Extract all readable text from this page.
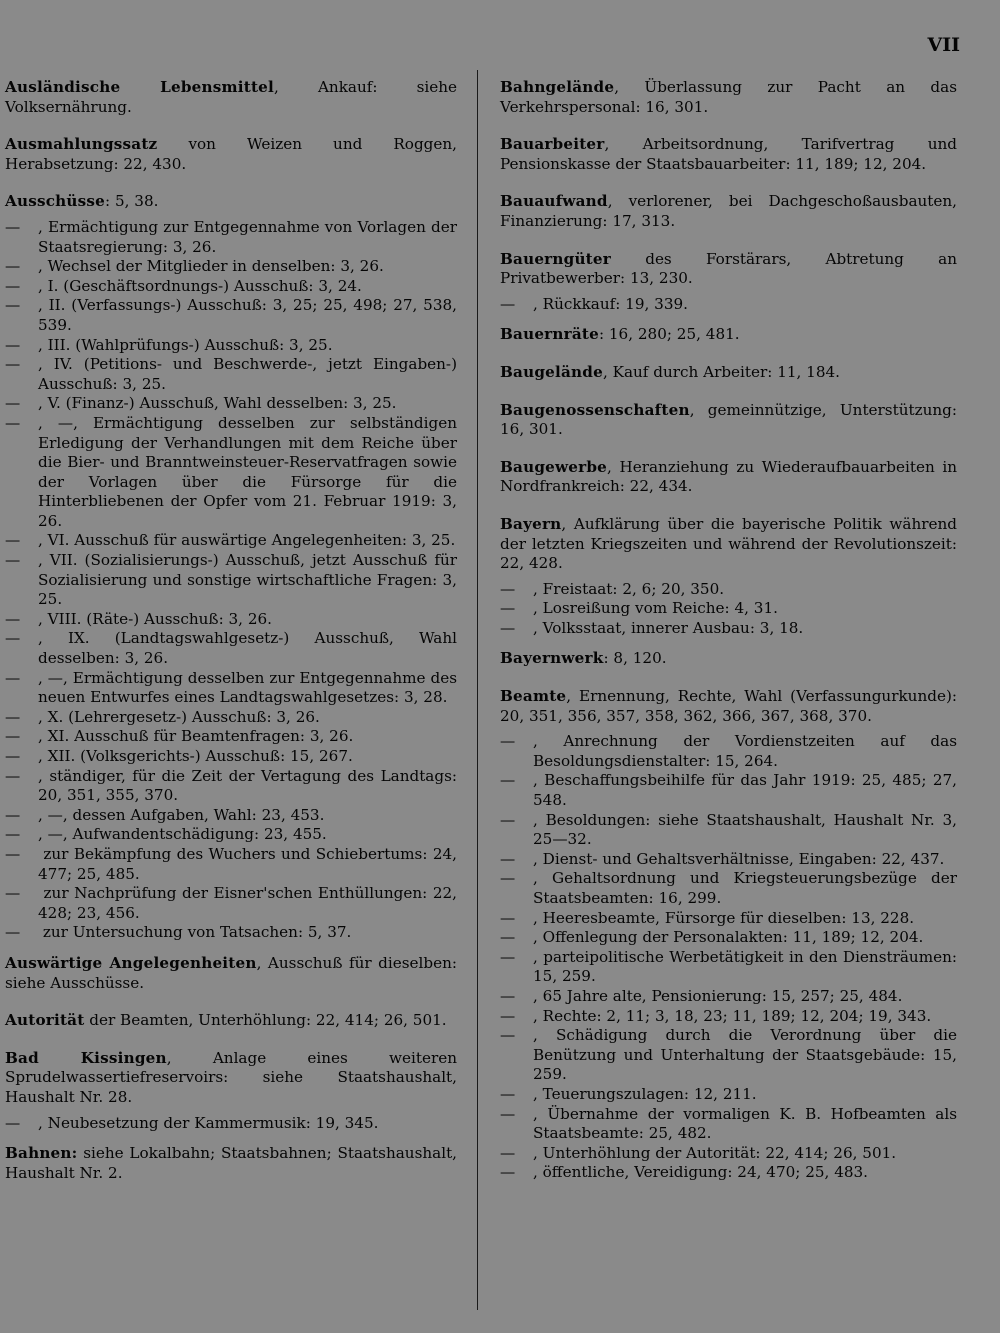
VII
Ausländische Lebensmittel, Ankauf: siehe Volksernährung.
Ausmahlungssatz von Weizen und Roggen, Herabsetzung: 22, 430.
Ausschüsse: 5, 38.
— , Ermächtigung zur Entgegennahme von Vorlagen der Staatsregierung: 3, 26.
— , Wechsel der Mitglieder in denselben: 3, 26.
— , I. (Geschäftsordnungs-) Ausschuß: 3, 24.
— , II. (Verfassungs-) Ausschuß: 3, 25; 25, 498; 27, 538, 539.
— , III. (Wahlprüfungs-) Ausschuß: 3, 25.
— , IV. (Petitions- und Beschwerde-, jetzt Eingaben-) Ausschuß: 3, 25.
— , V. (Finanz-) Ausschuß, Wahl desselben: 3, 25.
— , —, Ermächtigung desselben zur selbständigen Erledigung der Verhandlungen mit dem Reiche über die Bier- und Branntweinsteuer-Reservatfragen sowie der Vorlagen über die Fürsorge für die Hinterbliebenen der Opfer vom 21. Februar 1919: 3, 26.
— , VI. Ausschuß für auswärtige Angelegenheiten: 3, 25.
— , VII. (Sozialisierungs-) Ausschuß, jetzt Ausschuß für Sozialisierung und sonstige wirtschaftliche Fragen: 3, 25.
— , VIII. (Räte-) Ausschuß: 3, 26.
— , IX. (Landtagswahlgesetz-) Ausschuß, Wahl desselben: 3, 26.
— , —, Ermächtigung desselben zur Entgegennahme des neuen Entwurfes eines Landtagswahlgesetzes: 3, 28.
— , X. (Lehrergesetz-) Ausschuß: 3, 26.
— , XI. Ausschuß für Beamtenfragen: 3, 26.
— , XII. (Volksgerichts-) Ausschuß: 15, 267.
— , ständiger, für die Zeit der Vertagung des Landtags: 20, 351, 355, 370.
— , —, dessen Aufgaben, Wahl: 23, 453.
— , —, Aufwandentschädigung: 23, 455.
— zur Bekämpfung des Wuchers und Schiebertums: 24, 477; 25, 485.
— zur Nachprüfung der Eisner'schen Enthüllungen: 22, 428; 23, 456.
— zur Untersuchung von Tatsachen: 5, 37.
Auswärtige Angelegenheiten, Ausschuß für dieselben: siehe Ausschüsse.
Autorität der Beamten, Unterhöhlung: 22, 414; 26, 501.
Bad Kissingen, Anlage eines weiteren Sprudelwassertiefreservoirs: siehe Staatshaushalt, Haushalt Nr. 28.
— , Neubesetzung der Kammermusik: 19, 345.
Bahnen: siehe Lokalbahn; Staatsbahnen; Staatshaushalt, Haushalt Nr. 2.
Bahngelände, Überlassung zur Pacht an das Verkehrspersonal: 16, 301.
Bauarbeiter, Arbeitsordnung, Tarifvertrag und Pensionskasse der Staatsbauarbeiter: 11, 189; 12, 204.
Bauaufwand, verlorener, bei Dachgeschoßausbauten, Finanzierung: 17, 313.
Bauerngüter des Forstärars, Abtretung an Privatbewerber: 13, 230.
— , Rückkauf: 19, 339.
Bauernräte: 16, 280; 25, 481.
Baugelände, Kauf durch Arbeiter: 11, 184.
Baugenossenschaften, gemeinnützige, Unterstützung: 16, 301.
Baugewerbe, Heranziehung zu Wiederaufbauarbeiten in Nordfrankreich: 22, 434.
Bayern, Aufklärung über die bayerische Politik während der letzten Kriegszeiten und während der Revolutionszeit: 22, 428.
— , Freistaat: 2, 6; 20, 350.
— , Losreißung vom Reiche: 4, 31.
— , Volksstaat, innerer Ausbau: 3, 18.
Bayernwerk: 8, 120.
Beamte, Ernennung, Rechte, Wahl (Verfassungurkunde): 20, 351, 356, 357, 358, 362, 366, 367, 368, 370.
— , Anrechnung der Vordienstzeiten auf das Besoldungsdienstalter: 15, 264.
— , Beschaffungsbeihilfe für das Jahr 1919: 25, 485; 27, 548.
— , Besoldungen: siehe Staatshaushalt, Haushalt Nr. 3, 25—32.
— , Dienst- und Gehaltsverhältnisse, Eingaben: 22, 437.
— , Gehaltsordnung und Kriegsteuerungsbezüge der Staatsbeamten: 16, 299.
— , Heeresbeamte, Fürsorge für dieselben: 13, 228.
— , Offenlegung der Personalakten: 11, 189; 12, 204.
— , parteipolitische Werbetätigkeit in den Diensträumen: 15, 259.
— , 65 Jahre alte, Pensionierung: 15, 257; 25, 484.
— , Rechte: 2, 11; 3, 18, 23; 11, 189; 12, 204; 19, 343.
— , Schädigung durch die Verordnung über die Benützung und Unterhaltung der Staatsgebäude: 15, 259.
— , Teuerungszulagen: 12, 211.
— , Übernahme der vormaligen K. B. Hofbeamten als Staatsbeamte: 25, 482.
— , Unterhöhlung der Autorität: 22, 414; 26, 501.
— , öffentliche, Vereidigung: 24, 470; 25, 483.
